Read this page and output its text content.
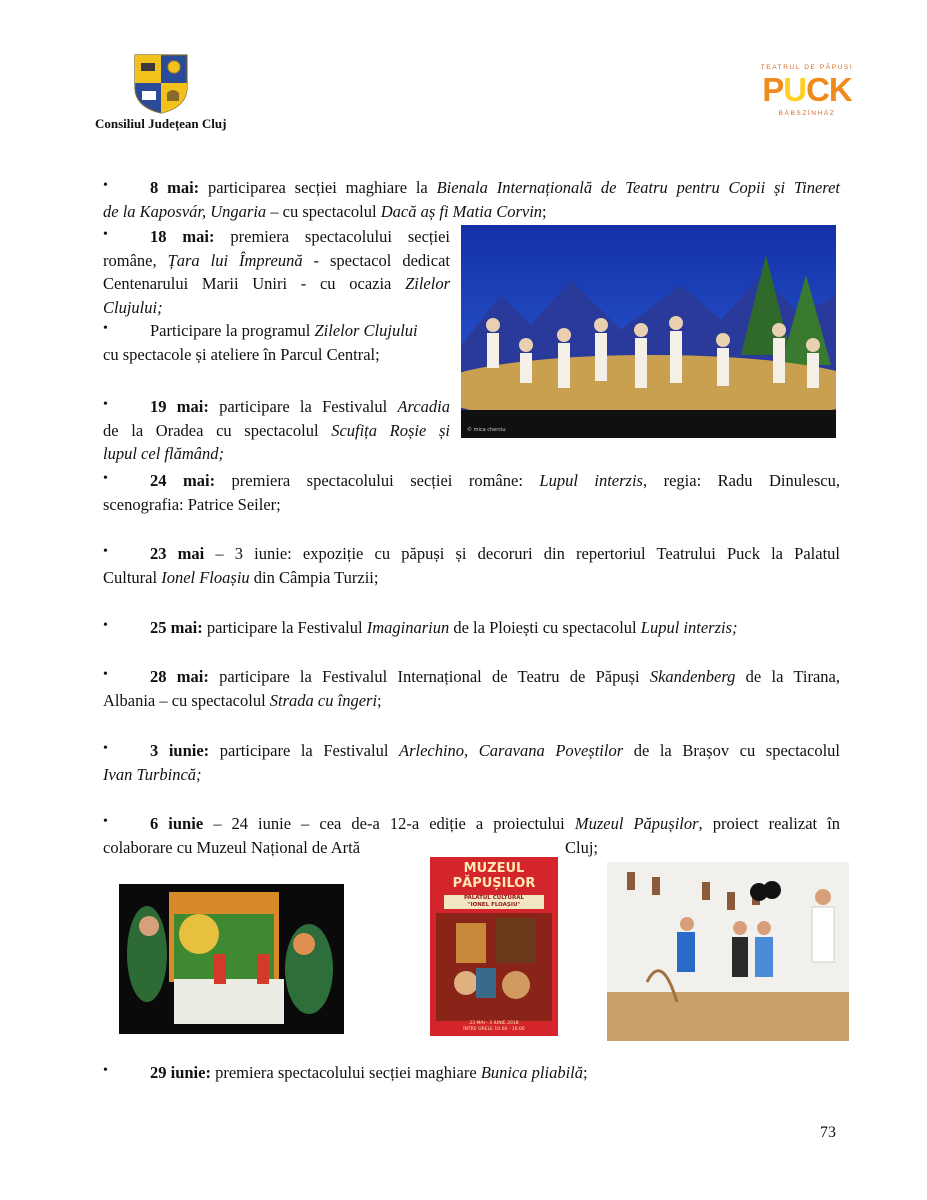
Consiliul Județean Cluj
TEATRUL DE PĂPUȘI
PUCK
BÁBSZÍNHÁZ
•	8 mai: participarea secției maghiare la Bienala Internațională de Teatru pentru Copii și Tineret
de la Kaposvár, Ungaria – cu spectacolul Dacă aș fi Matia Corvin;
•	18 mai: premiera spectacolului secției
române, Țara lui Împreună - spectacol dedicat
Centenarului Marii Uniri - cu ocazia Zilelor
Clujului;
•	Participare la programul Zilelor Clujului
cu spectacole și ateliere în Parcul Central;
•	19 mai: participare la Festivalul Arcadia
de la Oradea cu spectacolul Scufița Roșie și
lupul cel flămând;
© mica cherciu
•	24 mai: premiera spectacolului secției române: Lupul interzis, regia: Radu Dinulescu,
scenografia: Patrice Seiler;
•	23 mai – 3 iunie: expoziție cu păpuși și decoruri din repertoriul Teatrului Puck la Palatul
Cultural Ionel Floașiu din Câmpia Turzii;
•	25 mai: participare la Festivalul Imaginariun de la Ploiești cu spectacolul Lupul interzis;
•	28 mai: participare la Festivalul Internațional de Teatru de Păpuși Skandenberg de la Tirana,
Albania – cu spectacolul Strada cu îngeri;
•	3 iunie: participare la Festivalul Arlechino, Caravana Poveștilor de la Brașov cu spectacolul
Ivan Turbincă;
•	6 iunie – 24 iunie – cea de-a 12-a ediție a proiectului Muzeul Păpușilor, proiect realizat în
colaborare cu Muzeul Național de Artă	Cluj;
MUZEUL
PĂPUȘILOR
PALATUL CULTURAL
"IONEL FLOAȘIU"
23 MAI - 3 IUNIE 2018
ÎNTRE ORELE 10.00 - 16.00
•	29 iunie: premiera spectacolului secției maghiare Bunica pliabilă;
73
